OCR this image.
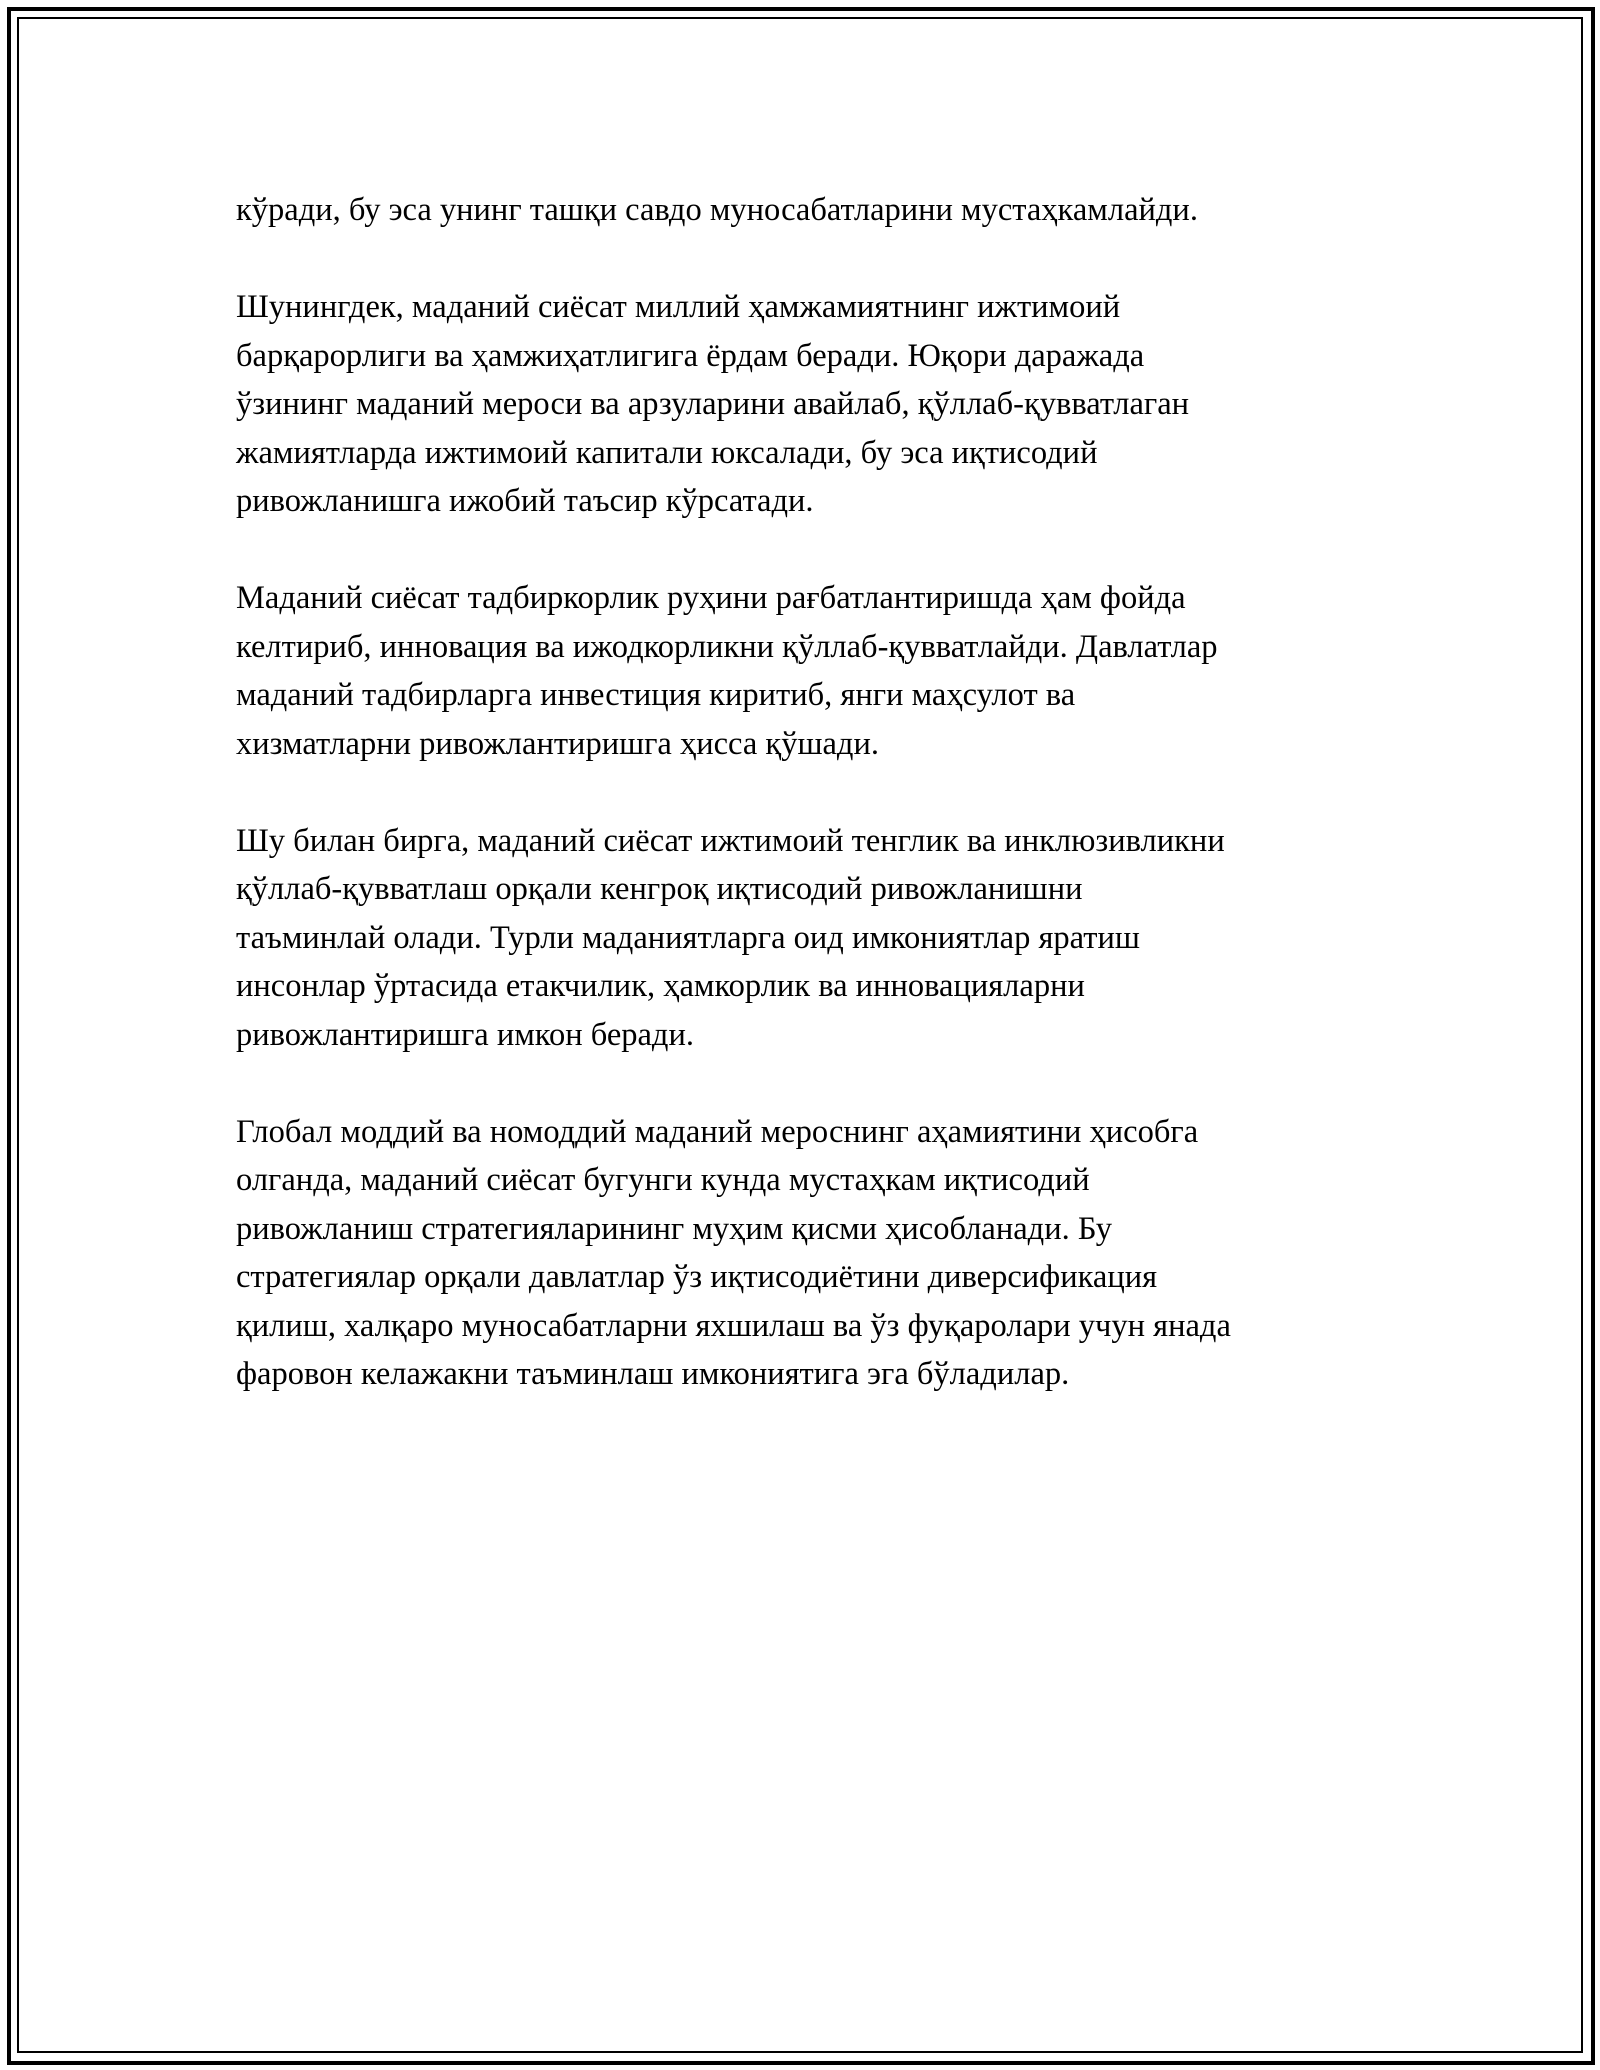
кўради, бу эса унинг ташқи савдо муносабатларини мустаҳкамлайди.
Шунингдек, маданий сиёсат миллий ҳамжамиятнинг ижтимоий
барқарорлиги ва ҳамжиҳатлигига ёрдам беради. Юқори даражада
ўзининг маданий мероси ва арзуларини авайлаб, қўллаб-қувватлаган
жамиятларда ижтимоий капитали юксалади, бу эса иқтисодий
ривожланишга ижобий таъсир кўрсатади.
Маданий сиёсат тадбиркорлик руҳини рағбатлантиришда ҳам фойда
келтириб, инновация ва ижодкорликни қўллаб-қувватлайди. Давлатлар
маданий тадбирларга инвестиция киритиб, янги маҳсулот ва
хизматларни ривожлантиришга ҳисса қўшади.
Шу билан бирга, маданий сиёсат ижтимоий тенглик ва инклюзивликни
қўллаб-қувватлаш орқали кенгроқ иқтисодий ривожланишни
таъминлай олади. Турли маданиятларга оид имкониятлар яратиш
инсонлар ўртасида етакчилик, ҳамкорлик ва инновацияларни
ривожлантиришга имкон беради.
Глобал моддий ва номоддий маданий мероснинг аҳамиятини ҳисобга
олганда, маданий сиёсат бугунги кунда мустаҳкам иқтисодий
ривожланиш стратегияларининг муҳим қисми ҳисобланади. Бу
стратегиялар орқали давлатлар ўз иқтисодиётини диверсификация
қилиш, халқаро муносабатларни яхшилаш ва ўз фуқаролари учун янада
фаровон келажакни таъминлаш имкониятига эга бўладилар.
